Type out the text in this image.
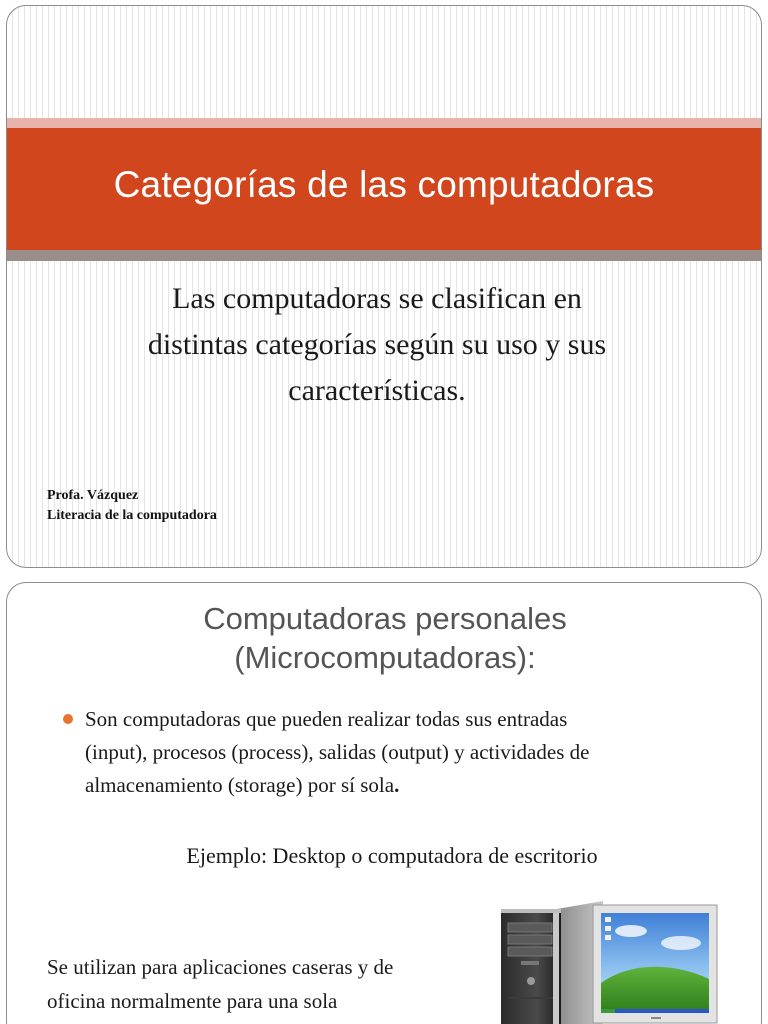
Categorías de las computadoras
Las computadoras se clasifican en
distintas categorías según su uso y sus
características.
Profa. Vázquez
Literacia de la computadora
Computadoras personales
(Microcomputadoras):
Son computadoras que pueden realizar todas sus entradas
(input), procesos (process), salidas (output) y actividades de
almacenamiento (storage) por sí sola.
Ejemplo: Desktop o computadora de escritorio
Se utilizan para aplicaciones caseras y de
oficina normalmente para una sola
